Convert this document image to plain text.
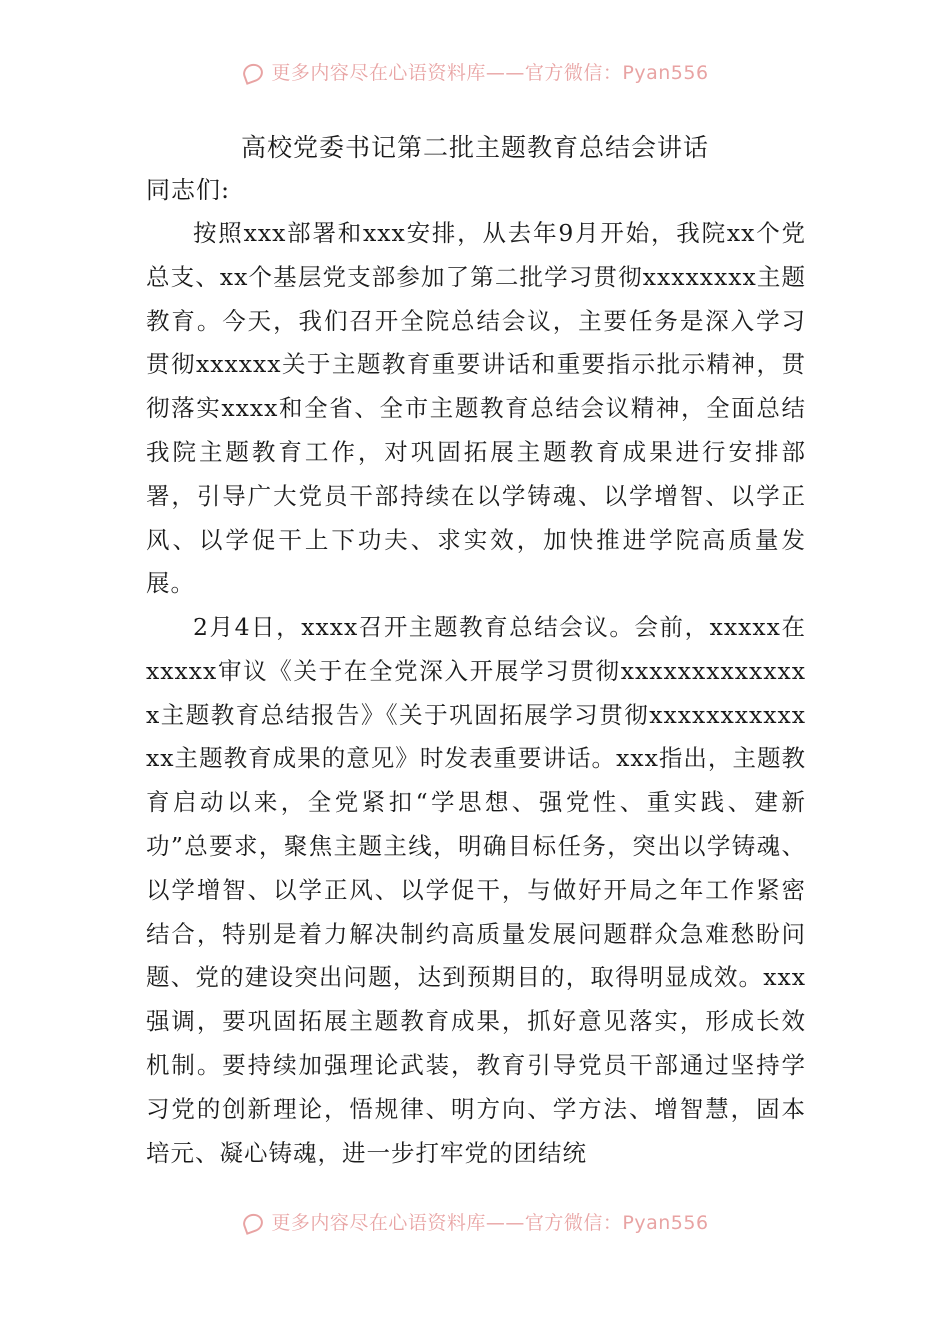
更多内容尽在心语资料库——官方微信：Pyan556
高校党委书记第二批主题教育总结会讲话
同志们:

按照xxx部署和xxx安排，从去年9月开始，我院xx个党总支、xx个基层党支部参加了第二批学习贯彻xxxxxxxx主题教育。今天，我们召开全院总结会议，主要任务是深入学习贯彻xxxxxx关于主题教育重要讲话和重要指示批示精神，贯彻落实xxxx和全省、全市主题教育总结会议精神，全面总结我院主题教育工作，对巩固拓展主题教育成果进行安排部署，引导广大党员干部持续在以学铸魂、以学增智、以学正风、以学促干上下功夫、求实效，加快推进学院高质量发展。

2月4日，xxxx召开主题教育总结会议。会前，xxxxx在xxxxx审议《关于在全党深入开展学习贯彻xxxxxxxxxxxxxx主题教育总结报告》《关于巩固拓展学习贯彻xxxxxxxxxxxxx主题教育成果的意见》时发表重要讲话。xxx指出，主题教育启动以来，全党紧扣“学思想、强党性、重实践、建新功”总要求，聚焦主题主线，明确目标任务，突出以学铸魂、以学增智、以学正风、以学促干，与做好开局之年工作紧密结合，特别是着力解决制约高质量发展问题群众急难愁盼问题、党的建设突出问题，达到预期目的，取得明显成效。xxx强调，要巩固拓展主题教育成果，抓好意见落实，形成长效机制。要持续加强理论武装，教育引导党员干部通过坚持学习党的创新理论，悟规律、明方向、学方法、增智慧，固本培元、凝心铸魂，进一步打牢党的团结统

更多内容尽在心语资料库——官方微信：Pyan556
